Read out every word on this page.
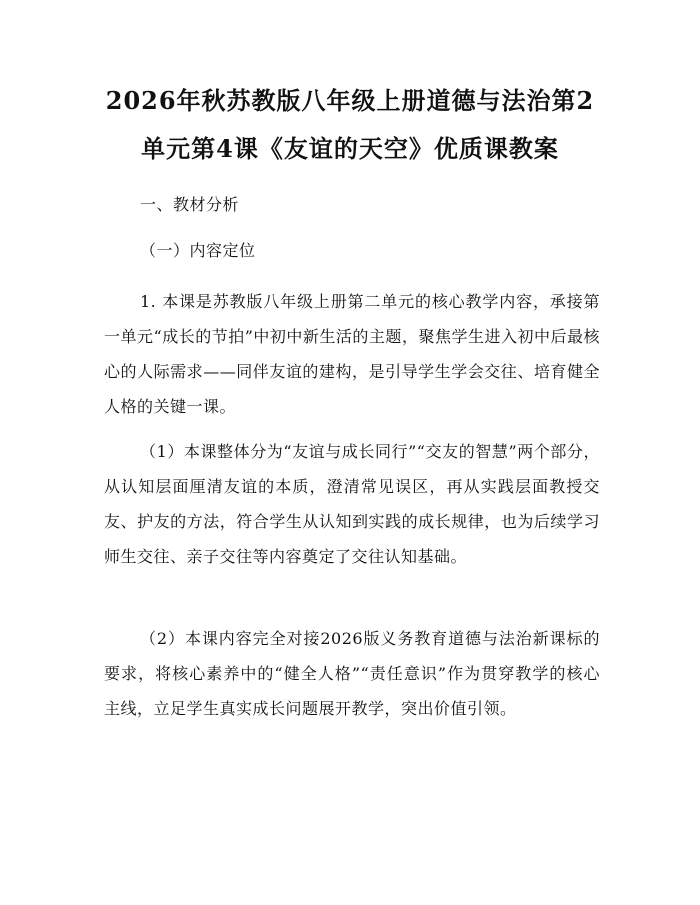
2026年秋苏教版八年级上册道德与法治第2
单元第4课《友谊的天空》优质课教案

一、教材分析

（一）内容定位

1. 本课是苏教版八年级上册第二单元的核心教学内容，承接第一单元“成长的节拍”中初中新生活的主题，聚焦学生进入初中后最核心的人际需求——同伴友谊的建构，是引导学生学会交往、培育健全人格的关键一课。

（1）本课整体分为“友谊与成长同行”“交友的智慧”两个部分，从认知层面厘清友谊的本质，澄清常见误区，再从实践层面教授交友、护友的方法，符合学生从认知到实践的成长规律，也为后续学习师生交往、亲子交往等内容奠定了交往认知基础。

（2）本课内容完全对接2026版义务教育道德与法治新课标的要求，将核心素养中的“健全人格”“责任意识”作为贯穿教学的核心主线，立足学生真实成长问题展开教学，突出价值引领。
